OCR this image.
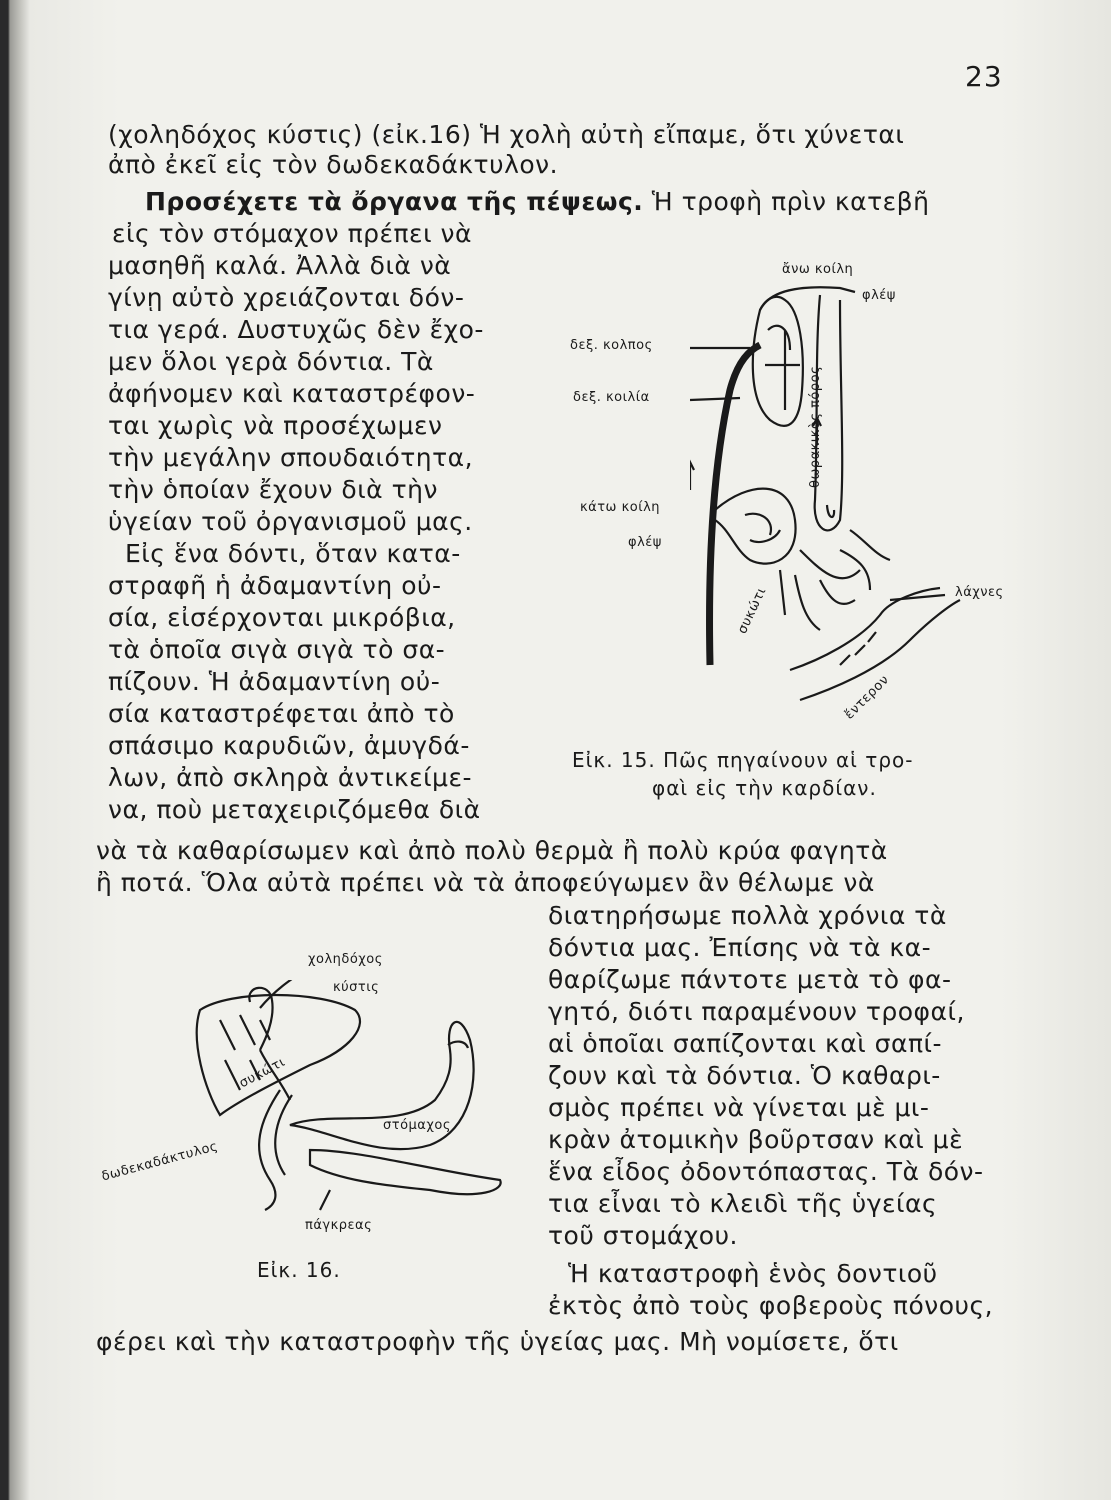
23
(χοληδόχος κύστις) (εἰκ.16) Ἡ χολὴ αὐτὴ εἴπαμε, ὅτι χύνεται
ἀπὸ ἐκεῖ εἰς τὸν δωδεκαδάκτυλον.
Προσέχετε τὰ ὄργανα τῆς πέψεως. Ἡ τροφὴ πρὶν κατεβῆ
εἰς τὸν στόμαχον πρέπει νὰ
μασηθῆ καλά. Ἀλλὰ διὰ νὰ
γίνῃ αὐτὸ χρειάζονται δόν-
τια γερά. Δυστυχῶς δὲν ἔχο-
μεν ὅλοι γερὰ δόντια. Τὰ
ἀφήνομεν καὶ καταστρέφον-
ται χωρὶς νὰ προσέχωμεν
τὴν μεγάλην σπουδαιότητα,
τὴν ὁποίαν ἔχουν διὰ τὴν
ὑγείαν τοῦ ὀργανισμοῦ μας.
Εἰς ἕνα δόντι, ὅταν κατα-
στραφῆ ἡ ἀδαμαντίνη οὐ-
σία, εἰσέρχονται μικρόβια,
τὰ ὁποῖα σιγὰ σιγὰ τὸ σα-
πίζουν. Ἡ ἀδαμαντίνη οὐ-
σία καταστρέφεται ἀπὸ τὸ
σπάσιμο καρυδιῶν, ἀμυγδά-
λων, ἀπὸ σκληρὰ ἀντικείμε-
να, ποὺ μεταχειριζόμεθα διὰ
νὰ τὰ καθαρίσωμεν καὶ ἀπὸ πολὺ θερμὰ ἢ πολὺ κρύα φαγητὰ
ἢ ποτά. Ὅλα αὐτὰ πρέπει νὰ τὰ ἀποφεύγωμεν ἂν θέλωμε νὰ
διατηρήσωμε πολλὰ χρόνια τὰ
δόντια μας. Ἐπίσης νὰ τὰ κα-
θαρίζωμε πάντοτε μετὰ τὸ φα-
γητό, διότι παραμένουν τροφαί,
αἱ ὁποῖαι σαπίζονται καὶ σαπί-
ζουν καὶ τὰ δόντια. Ὁ καθαρι-
σμὸς πρέπει νὰ γίνεται μὲ μι-
κρὰν ἀτομικὴν βοῦρτσαν καὶ μὲ
ἕνα εἶδος ὀδοντόπαστας. Τὰ δόν-
τια εἶναι τὸ κλειδὶ τῆς ὑγείας
τοῦ στομάχου.
Ἡ καταστροφὴ ἑνὸς δοντιοῦ
ἐκτὸς ἀπὸ τοὺς φοβεροὺς πόνους,
φέρει καὶ τὴν καταστροφὴν τῆς ὑγείας μας. Μὴ νομίσετε, ὅτι
ἄνω κοίλη
φλέψ
δεξ. κολπος
δεξ. κοιλία	θωρακικὸς πόρος
κάτω κοίλη
φλέψ
συκώτι	λάχνες
ἔντερον
Εἰκ. 15. Πῶς πηγαίνουν αἱ τρο-
φαὶ εἰς τὴν καρδίαν.
χοληδόχος
κύστις
συκώτι
στόμαχος
δωδεκαδάκτυλος
πάγκρεας
Εἰκ. 16.
